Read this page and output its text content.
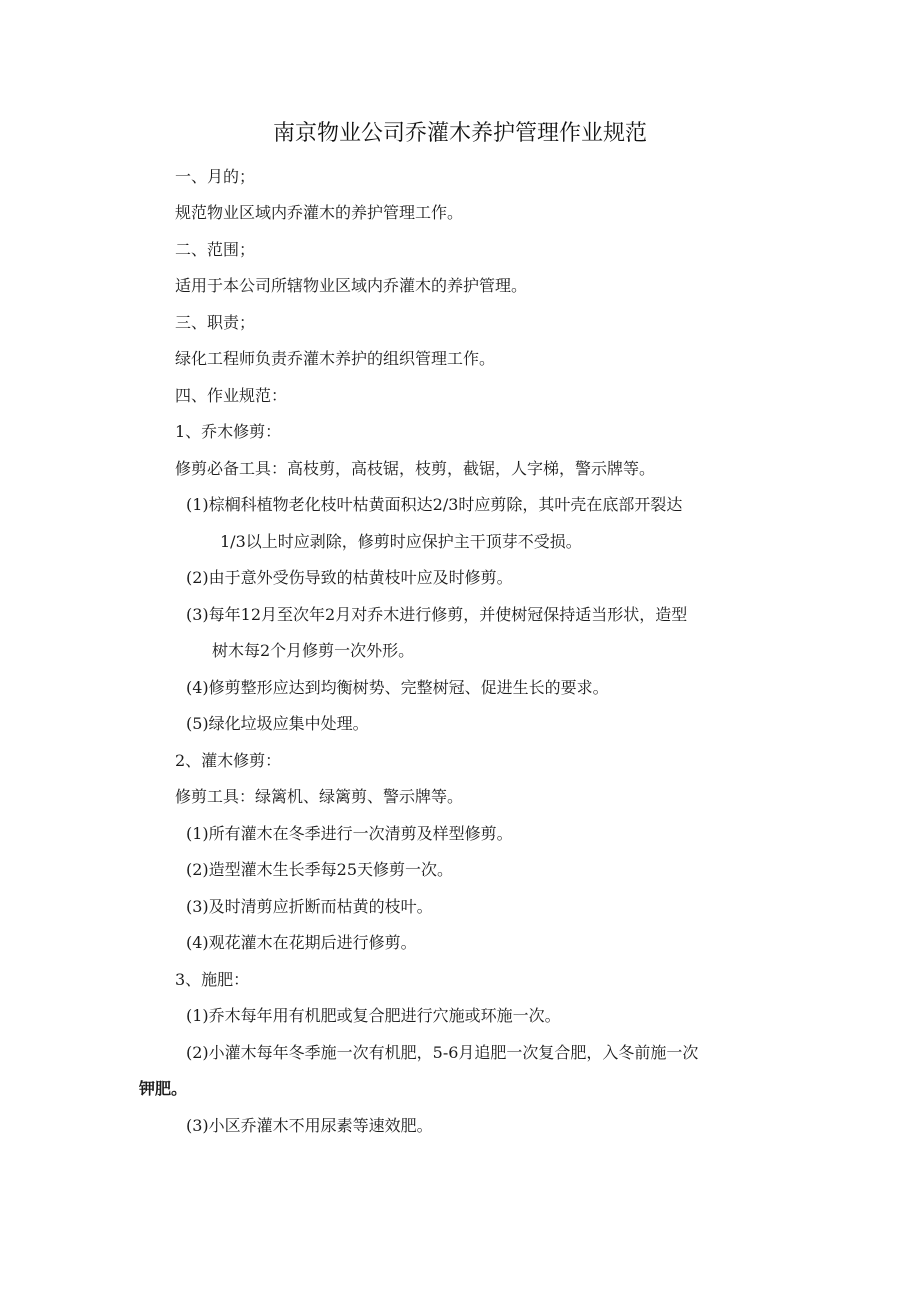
南京物业公司乔灌木养护管理作业规范
一、月的；
规范物业区域内乔灌木的养护管理工作。
二、范围；
适用于本公司所辖物业区域内乔灌木的养护管理。
三、职责；
绿化工程师负责乔灌木养护的组织管理工作。
四、作业规范：
1、乔木修剪：
修剪必备工具：高枝剪，高枝锯，枝剪，截锯，人字梯，警示牌等。
(1)棕榈科植物老化枝叶枯黄面积达2/3时应剪除，其叶壳在底部开裂达
1/3以上时应剥除，修剪时应保护主干顶芽不受损。
(2)由于意外受伤导致的枯黄枝叶应及时修剪。
(3)每年12月至次年2月对乔木进行修剪，并使树冠保持适当形状，造型
树木每2个月修剪一次外形。
(4)修剪整形应达到均衡树势、完整树冠、促进生长的要求。
(5)绿化垃圾应集中处理。
2、灌木修剪：
修剪工具：绿篱机、绿篱剪、警示牌等。
(1)所有灌木在冬季进行一次清剪及样型修剪。
(2)造型灌木生长季每25天修剪一次。
(3)及时清剪应折断而枯黄的枝叶。
(4)观花灌木在花期后进行修剪。
3、施肥：
(1)乔木每年用有机肥或复合肥进行穴施或环施一次。
(2)小灌木每年冬季施一次有机肥，5-6月追肥一次复合肥，入冬前施一次
钾肥。
(3)小区乔灌木不用尿素等速效肥。
